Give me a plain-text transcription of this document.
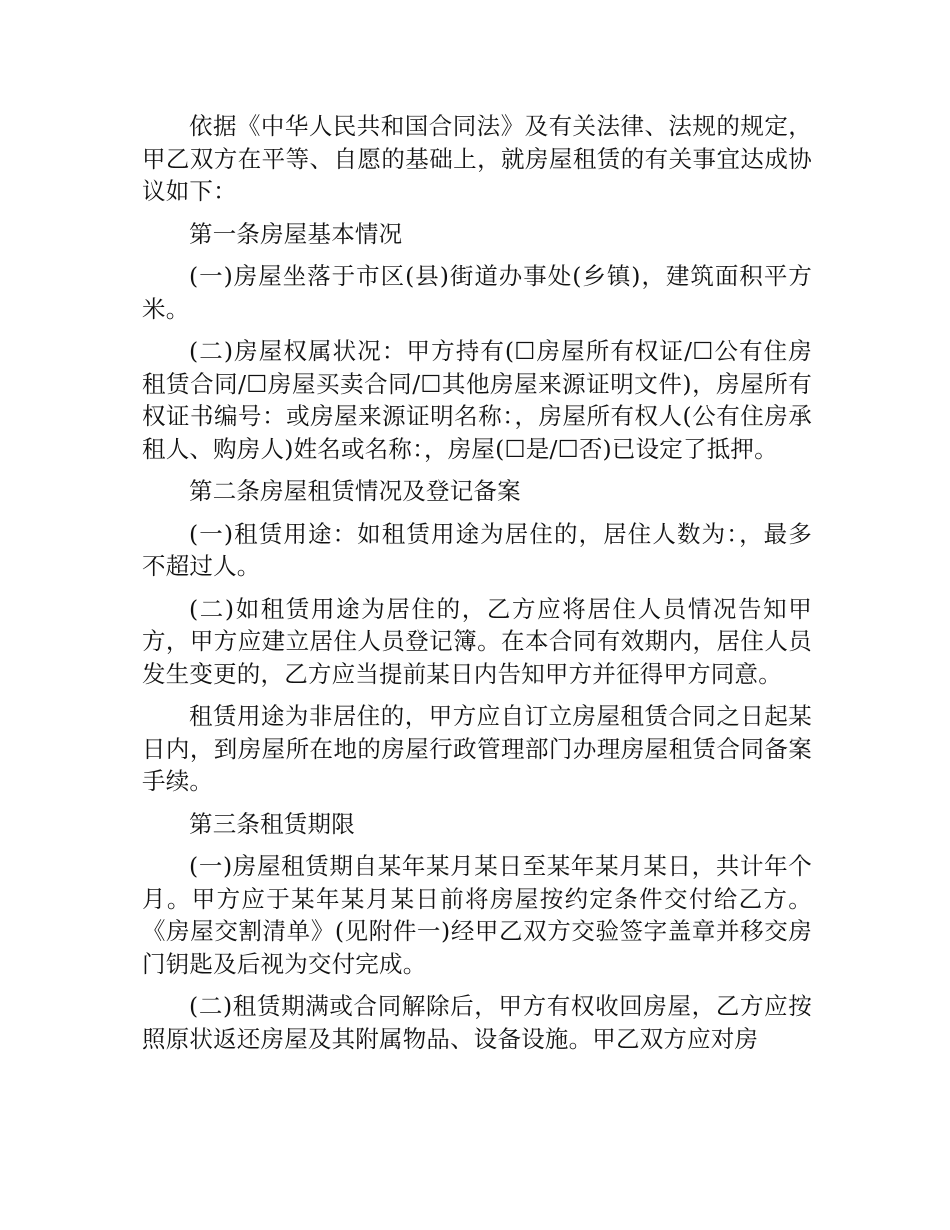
依据《中华人民共和国合同法》及有关法律、法规的规定，甲乙双方在平等、自愿的基础上，就房屋租赁的有关事宜达成协议如下：

第一条房屋基本情况

(一)房屋坐落于市区(县)街道办事处(乡镇)，建筑面积平方米。

(二)房屋权属状况：甲方持有(☐房屋所有权证/☐公有住房租赁合同/☐房屋买卖合同/☐其他房屋来源证明文件)，房屋所有权证书编号：或房屋来源证明名称：，房屋所有权人(公有住房承租人、购房人)姓名或名称：，房屋(☐是/☐否)已设定了抵押。

第二条房屋租赁情况及登记备案

(一)租赁用途：如租赁用途为居住的，居住人数为：，最多不超过人。

(二)如租赁用途为居住的，乙方应将居住人员情况告知甲方，甲方应建立居住人员登记簿。在本合同有效期内，居住人员发生变更的，乙方应当提前某日内告知甲方并征得甲方同意。

租赁用途为非居住的，甲方应自订立房屋租赁合同之日起某日内，到房屋所在地的房屋行政管理部门办理房屋租赁合同备案手续。

第三条租赁期限

(一)房屋租赁期自某年某月某日至某年某月某日，共计年个月。甲方应于某年某月某日前将房屋按约定条件交付给乙方。《房屋交割清单》(见附件一)经甲乙双方交验签字盖章并移交房门钥匙及后视为交付完成。

(二)租赁期满或合同解除后，甲方有权收回房屋，乙方应按照原状返还房屋及其附属物品、设备设施。甲乙双方应对房
